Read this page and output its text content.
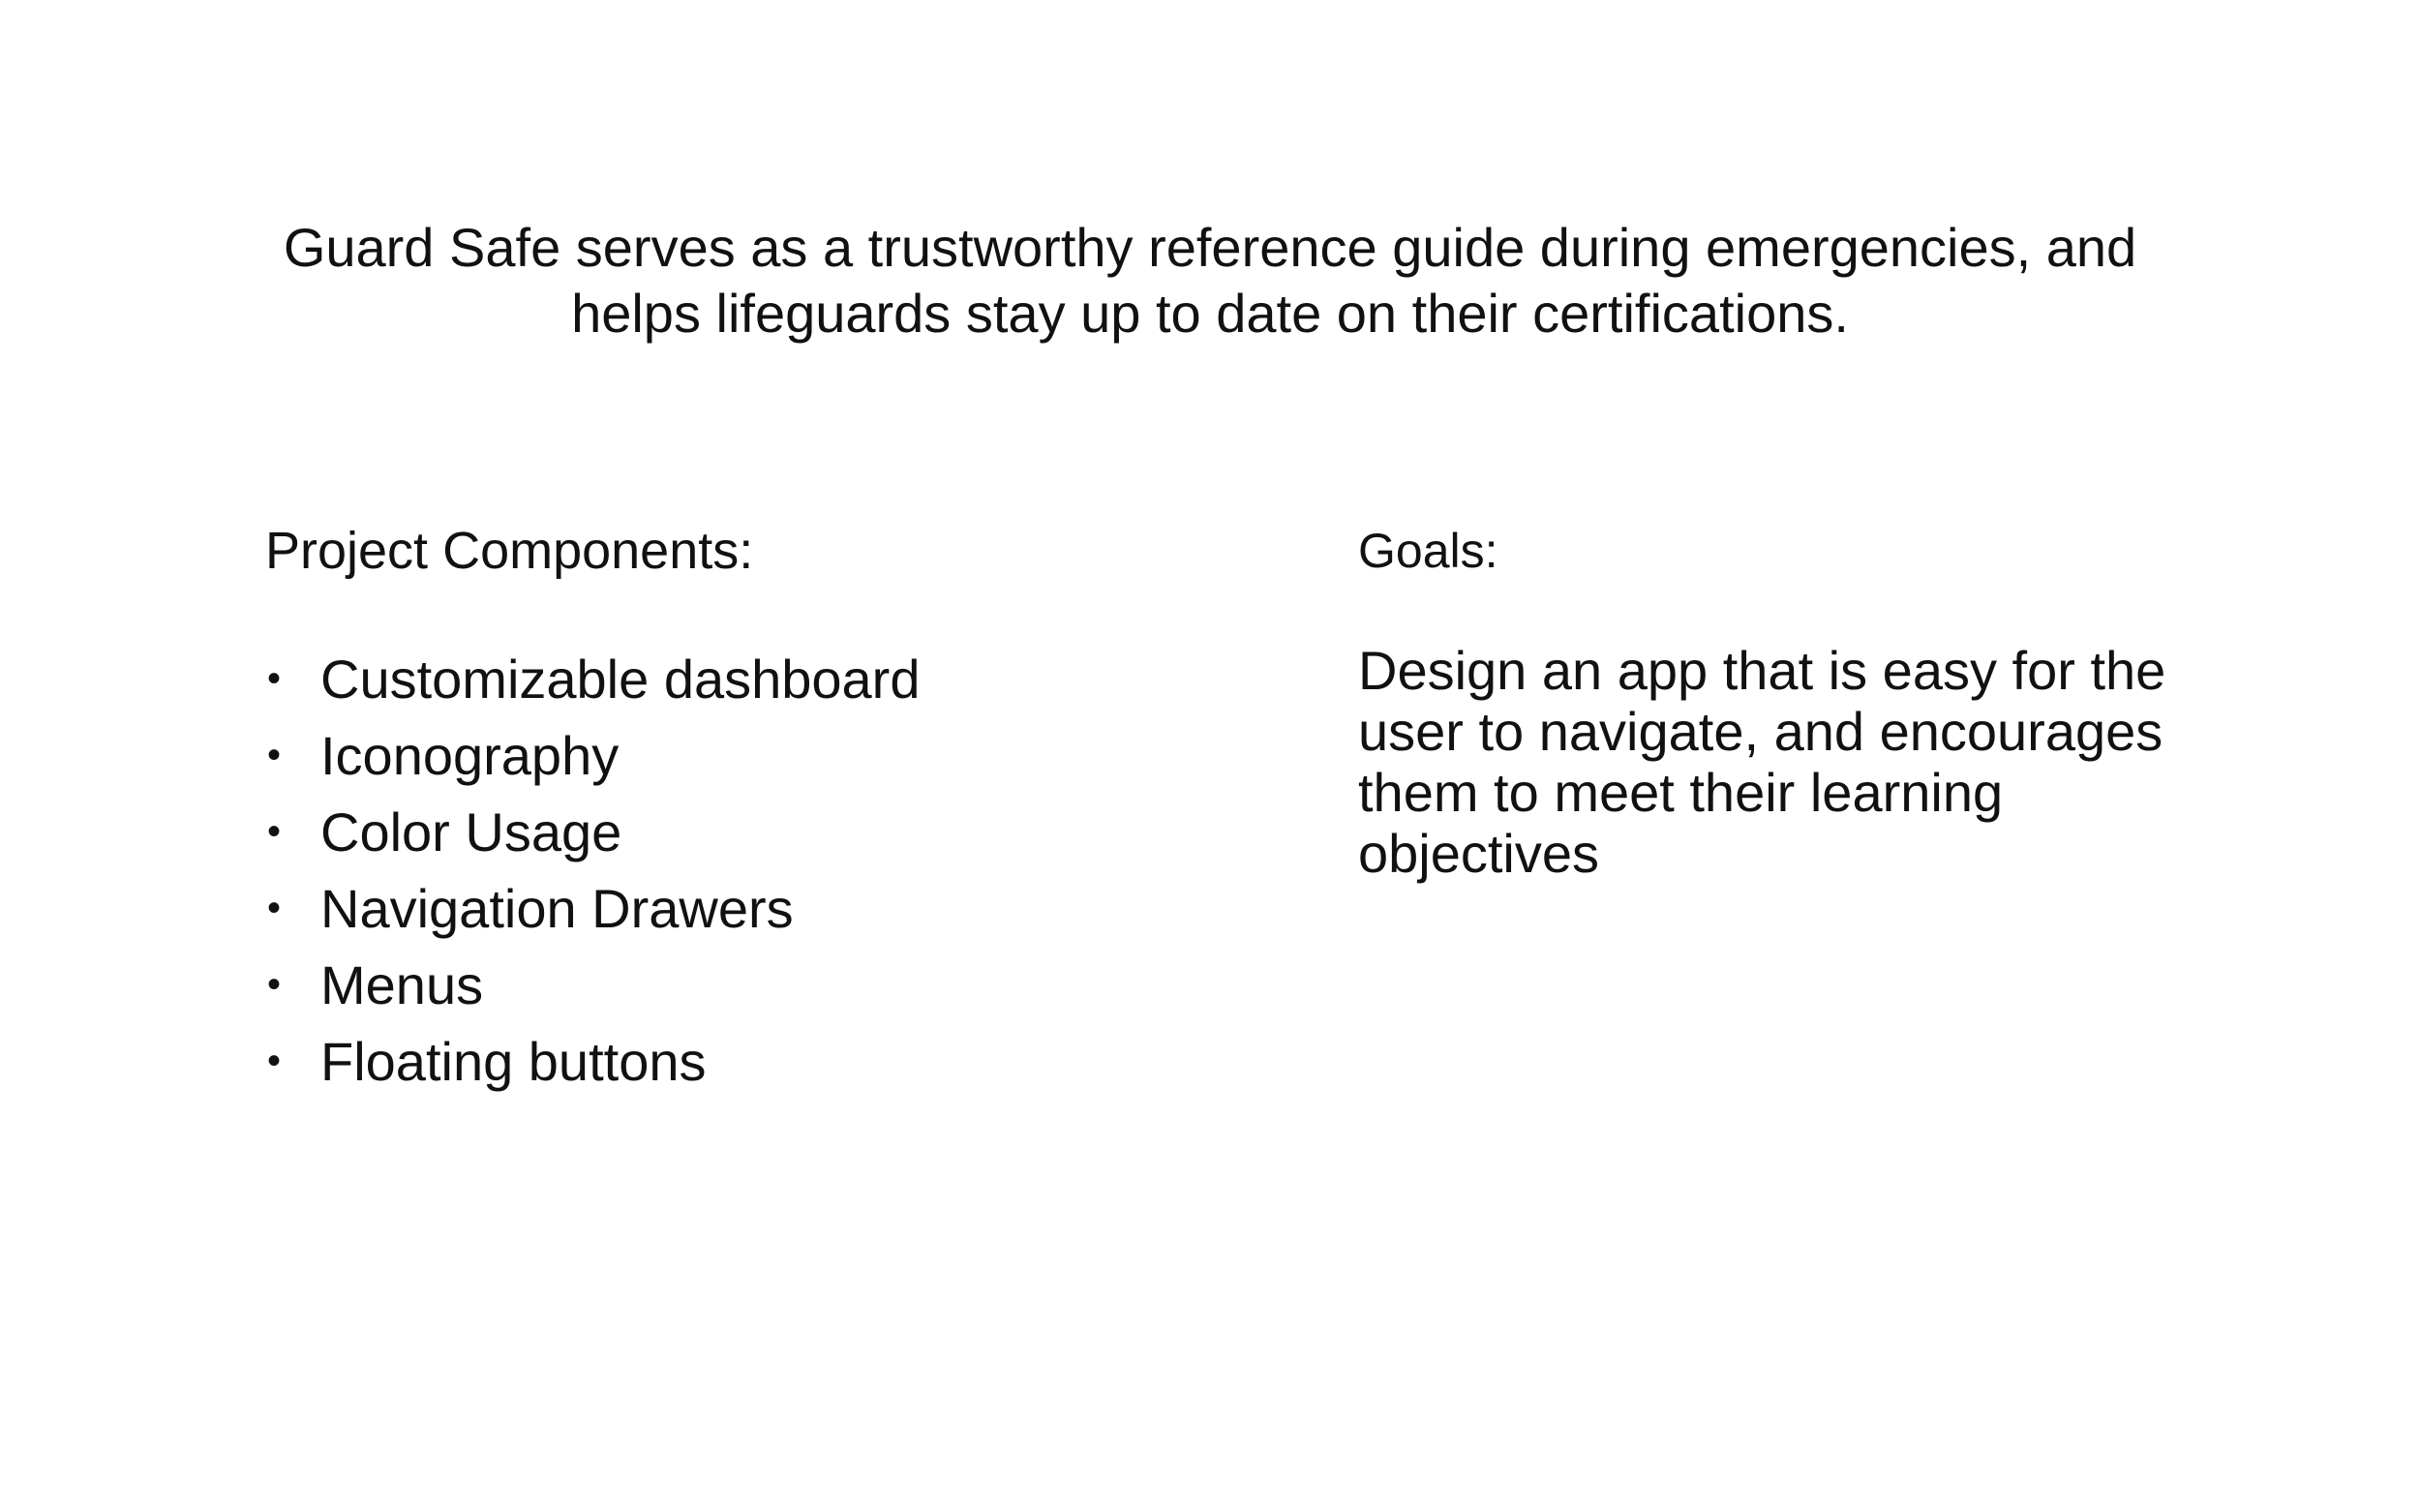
Guard Safe serves as a trustworthy reference guide during emergencies, and
helps lifeguards stay up to date on their certifications.
Project Components:
• Customizable dashboard
• Iconography
• Color Usage
• Navigation Drawers
• Menus
• Floating buttons
Goals:
Design an app that is easy for the
user to navigate, and encourages
them to meet their learning
objectives
